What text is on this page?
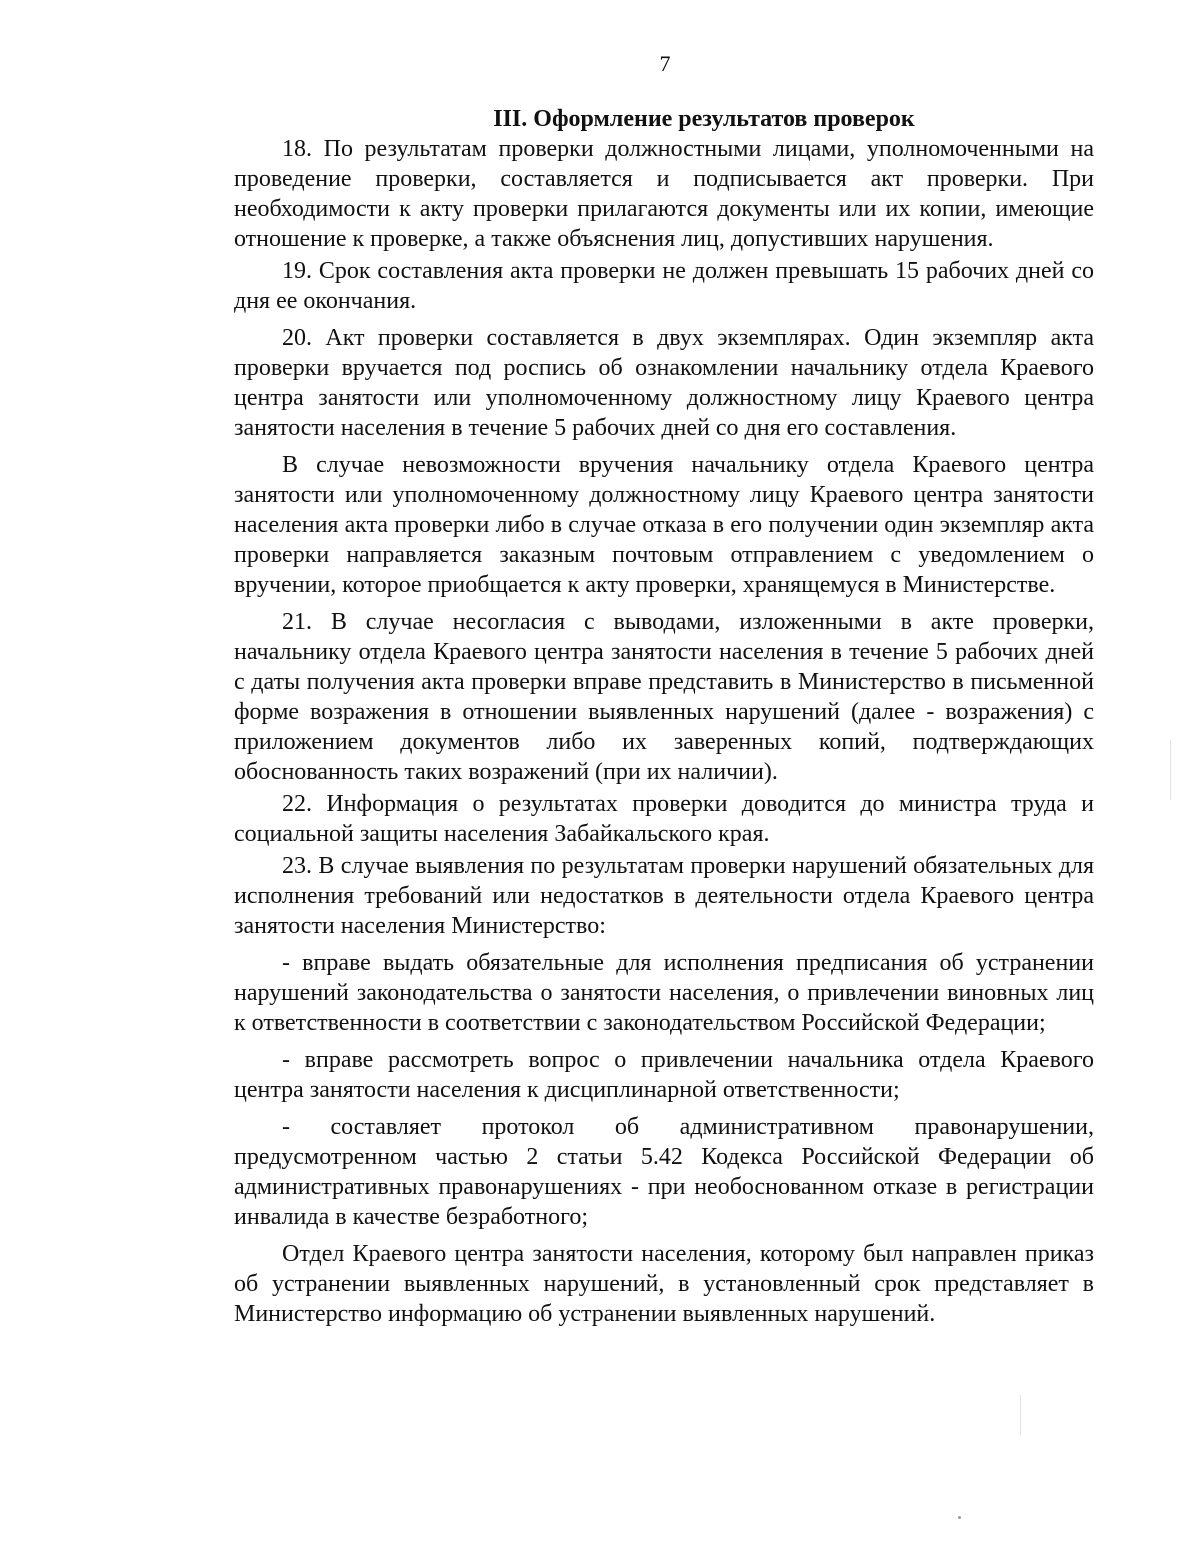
7
III. Оформление результатов проверок

18. По результатам проверки должностными лицами, уполномоченными на проведение проверки, составляется и подписывается акт проверки. При необходимости к акту проверки прилагаются документы или их копии, имеющие отношение к проверке, а также объяснения лиц, допустивших нарушения.

19. Срок составления акта проверки не должен превышать 15 рабочих дней со дня ее окончания.

20. Акт проверки составляется в двух экземплярах. Один экземпляр акта проверки вручается под роспись об ознакомлении начальнику отдела Краевого центра занятости или уполномоченному должностному лицу Краевого центра занятости населения в течение 5 рабочих дней со дня его составления.

В случае невозможности вручения начальнику отдела Краевого центра занятости или уполномоченному должностному лицу Краевого центра занятости населения акта проверки либо в случае отказа в его получении один экземпляр акта проверки направляется заказным почтовым отправлением с уведомлением о вручении, которое приобщается к акту проверки, хранящемуся в Министерстве.

21. В случае несогласия с выводами, изложенными в акте проверки, начальнику отдела Краевого центра занятости населения в течение 5 рабочих дней с даты получения акта проверки вправе представить в Министерство в письменной форме возражения в отношении выявленных нарушений (далее - возражения) с приложением документов либо их заверенных копий, подтверждающих обоснованность таких возражений (при их наличии).

22. Информация о результатах проверки доводится до министра труда и социальной защиты населения Забайкальского края.

23. В случае выявления по результатам проверки нарушений обязательных для исполнения требований или недостатков в деятельности отдела Краевого центра занятости населения Министерство:

- вправе выдать обязательные для исполнения предписания об устранении нарушений законодательства о занятости населения, о привлечении виновных лиц к ответственности в соответствии с законодательством Российской Федерации;

- вправе рассмотреть вопрос о привлечении начальника отдела Краевого центра занятости населения к дисциплинарной ответственности;

- составляет протокол об административном правонарушении, предусмотренном частью 2 статьи 5.42 Кодекса Российской Федерации об административных правонарушениях - при необоснованном отказе в регистрации инвалида в качестве безработного;

Отдел Краевого центра занятости населения, которому был направлен приказ об устранении выявленных нарушений, в установленный срок представляет в Министерство информацию об устранении выявленных нарушений.
